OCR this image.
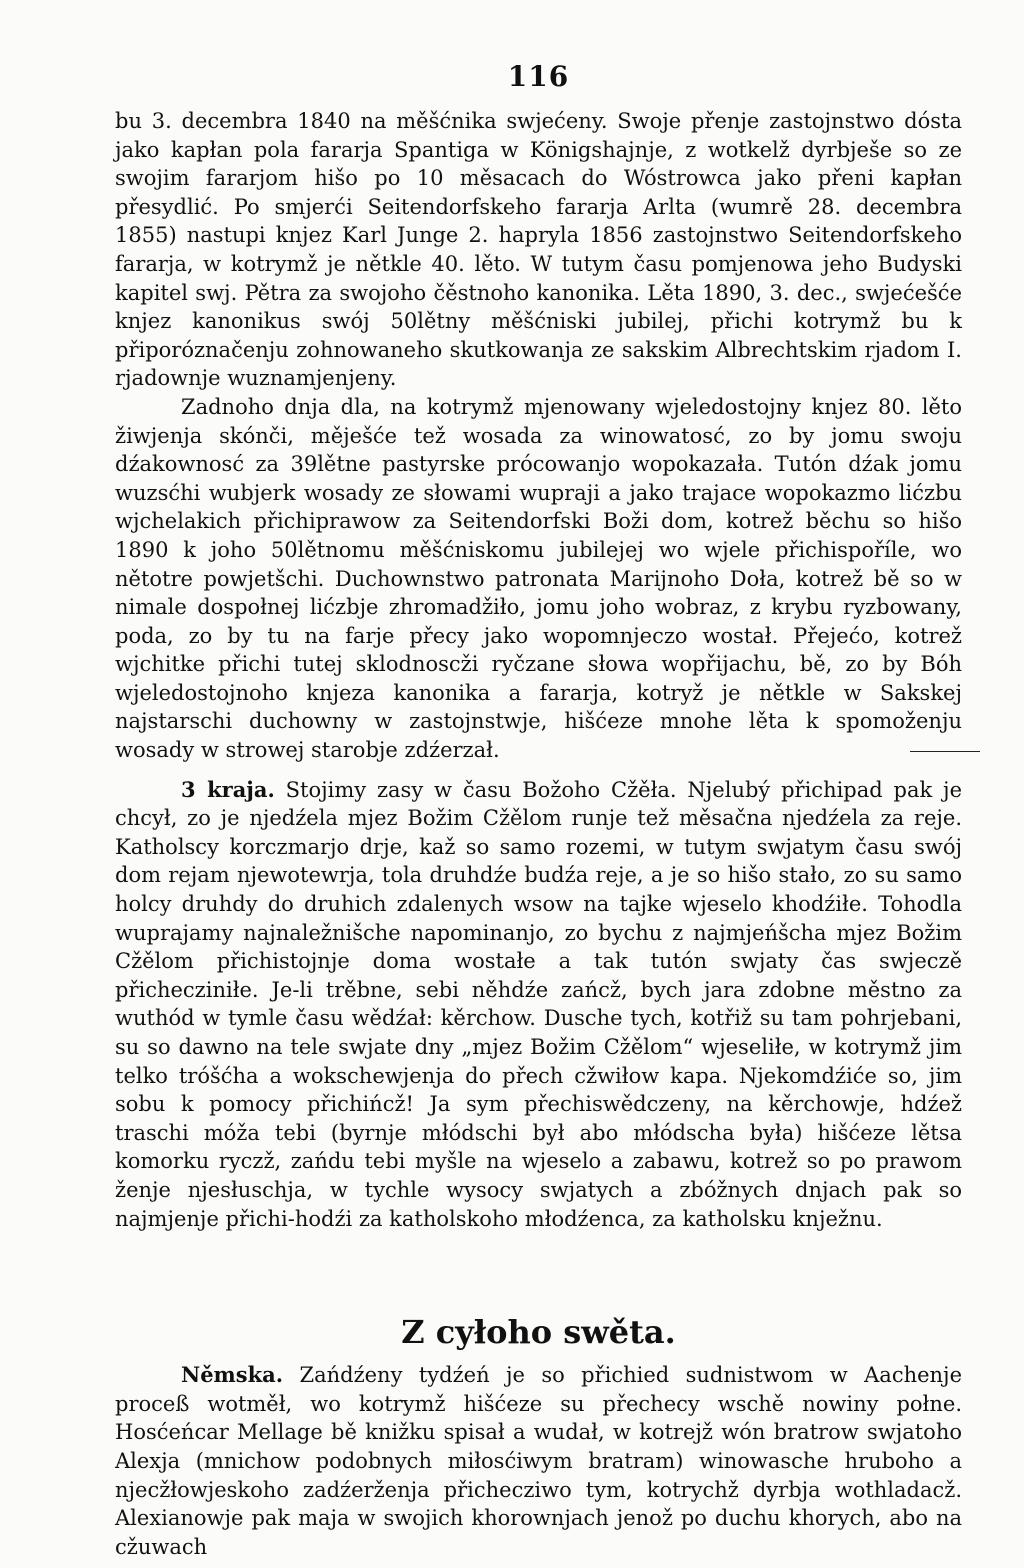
116

bu 3. decembra 1840 na měšćnika swjećeny. Swoje přenje zastojnstwo dósta jako kapłan pola fararja Spantiga w Königshajnje, z wotkelž dyrbješe so ze swojim fararjom hišo po 10 měsacach do Wóstrowca jako přeni kapłan přesydlić. Po smjerći Seitendorfskeho fararja Arlta (wumrě 28. decembra 1855) nastupi knjez Karl Junge 2. hapryla 1856 zastojnstwo Seitendorfskeho fararja, w kotrymž je nětkle 40. lěto. W tutym času pomjenowa jeho Budyski kapitel swj. Pětra za swojoho čěstnoho kanonika. Lěta 1890, 3. dec., swjećešće knjez kanonikus swój 50lětny měšćniski jubilej, přichi kotrymž bu k připoróznačenju zohnowaneho skutkowanja ze sakskim Albrechtskim rjadom I. rjadownje wuznamjenjeny.

Zadnoho dnja dla, na kotrymž mjenowany wjeledostojny knjez 80. lěto žiwjenja skónči, měješće tež wosada za winowatosć, zo by jomu swoju dźakownosć za 39lětne pastyrske prócowanjo wopokazała. Tutón dźak jomu wuzsćhi wubjerk wosady ze słowami wupraji a jako trajace wopokazmo lićzbu wjchelakich přichiprawow za Seitendorfski Boži dom, kotrež běchu so hišo 1890 k joho 50lětnomu měšćniskomu jubilejej wo wjele přichispoříle, wo nětotre powjetšchi. Duchownstwo patronata Marijnoho Doła, kotrež bě so w nimale dospołnej lićzbje zhromadžiło, jomu joho wobraz, z krybu ryzbowany, poda, zo by tu na farje přecy jako wopomnjeczo wostał. Přejećo, kotrež wjchitke přichi tutej sklodnoscži ryčzane słowa wopřijachu, bě, zo by Bóh wjeledostojnoho knjeza kanonika a fararja, kotryž je nětkle w Sakskej najstarschi duchowny w zastojnstwje, hišćeze mnohe lěta k spomoženju wosady w strowej starobje zdźerzał.

3 kraja. Stojimy zasy w času Božoho Cžěła. Njelubý přichipad pak je chcył, zo je njedźela mjez Božim Cžělom runje tež měsačna njedźela za reje. Katholscy korczmarjo drje, kaž so samo rozemi, w tutym swjatym času swój dom rejam njewotewrja, tola druhdźe budźa reje, a je so hišo stało, zo su samo holcy druhdy do druhich zdalenych wsow na tajke wjeselo khodźiłe. Tohodla wuprajamy najnaležnišche napominanjo, zo bychu z najmjeńšcha mjez Božim Cžělom přichistojnje doma wostałe a tak tutón swjaty čas swjeczě přichecziniłe. Je-li trěbne, sebi něhdźe zańcž, bych jara zdobne městno za wuthód w tymle času wědźał: kěrchow. Dusche tych, kotřiž su tam pohrjebani, su so dawno na tele swjate dny „mjez Božim Cžělom“ wjeseliłe, w kotrymž jim telko tróšćha a wokschewjenja do přech cžwiłow kapa. Njekomdźiće so, jim sobu k pomocy přichińcž! Ja sym přechiswědczeny, na kěrchowje, hdźež traschi móža tebi (byrnje młódschi był abo młódscha była) hišćeze lětsa komorku ryczž, zańdu tebi myšle na wjeselo a zabawu, kotrež so po prawom ženje njesłuschja, w tychle wysocy swjatych a zbóžnych dnjach pak so najmjenje přichi-hodźi za katholskoho młodźenca, za katholsku knježnu.

Z cyłoho swěta.

Němska. Zańdźeny tydźeń je so přichied sudnistwom w Aachenje proceß wotměł, wo kotrymž hišćeze su přechecy wschě nowiny połne. Hosćeńcar Mellage bě knižku spisał a wudał, w kotrejž wón bratrow swjatoho Alexja (mnichow podobnych miłosćiwym bratram) winowasche hruboho a njecžłowjeskoho zadźerženja přichecziwo tym, kotrychž dyrbja wothladacž. Alexianowje pak maja w swojich khorownjach jenož po duchu khorych, abo na cžuwach
